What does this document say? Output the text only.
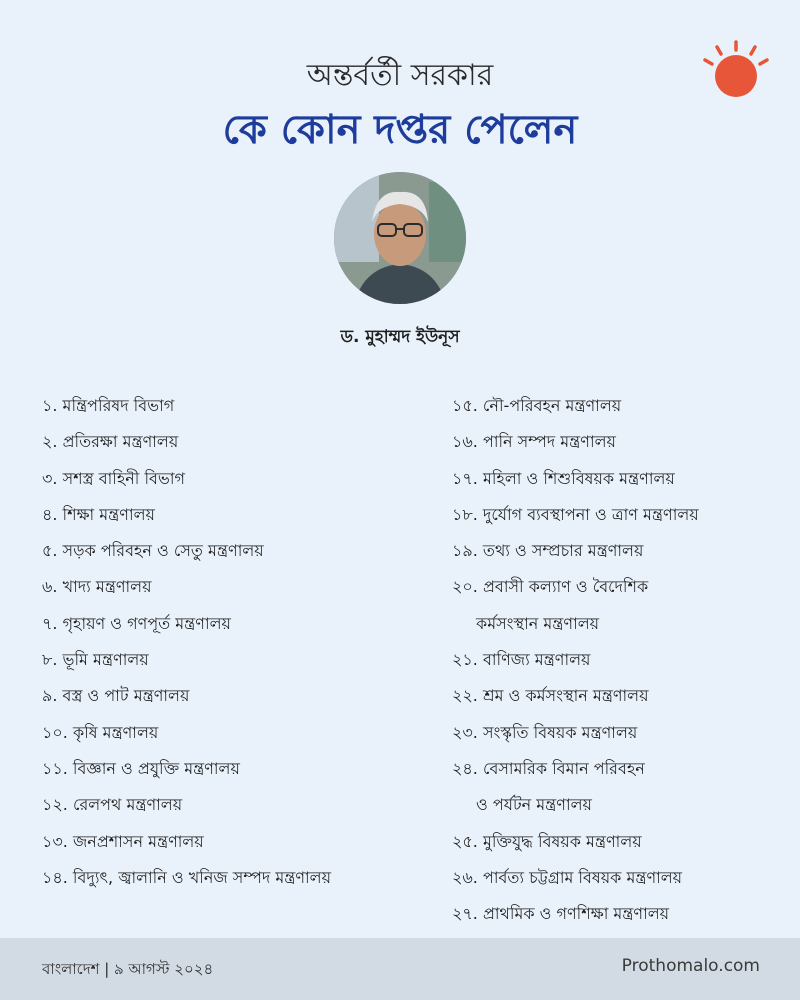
অন্তর্বর্তী সরকার
কে কোন দপ্তর পেলেন
ড. মুহাম্মদ ইউনূস
১. মন্ত্রিপরিষদ বিভাগ
২. প্রতিরক্ষা মন্ত্রণালয়
৩. সশস্ত্র বাহিনী বিভাগ
৪. শিক্ষা মন্ত্রণালয়
৫. সড়ক পরিবহন ও সেতু মন্ত্রণালয়
৬. খাদ্য মন্ত্রণালয়
৭. গৃহায়ণ ও গণপূর্ত মন্ত্রণালয়
৮. ভূমি মন্ত্রণালয়
৯. বস্ত্র ও পাট মন্ত্রণালয়
১০. কৃষি মন্ত্রণালয়
১১. বিজ্ঞান ও প্রযুক্তি মন্ত্রণালয়
১২. রেলপথ মন্ত্রণালয়
১৩. জনপ্রশাসন মন্ত্রণালয়
১৪. বিদ্যুৎ, জ্বালানি ও খনিজ সম্পদ মন্ত্রণালয়
১৫. নৌ-পরিবহন মন্ত্রণালয়
১৬. পানি সম্পদ মন্ত্রণালয়
১৭. মহিলা ও শিশুবিষয়ক মন্ত্রণালয়
১৮. দুর্যোগ ব্যবস্থাপনা ও ত্রাণ মন্ত্রণালয়
১৯. তথ্য ও সম্প্রচার মন্ত্রণালয়
২০. প্রবাসী কল্যাণ ও বৈদেশিক
কর্মসংস্থান মন্ত্রণালয়
২১. বাণিজ্য মন্ত্রণালয়
২২. শ্রম ও কর্মসংস্থান মন্ত্রণালয়
২৩. সংস্কৃতি বিষয়ক মন্ত্রণালয়
২৪. বেসামরিক বিমান পরিবহন
ও পর্যটন মন্ত্রণালয়
২৫. মুক্তিযুদ্ধ বিষয়ক মন্ত্রণালয়
২৬. পার্বত্য চট্টগ্রাম বিষয়ক মন্ত্রণালয়
২৭. প্রাথমিক ও গণশিক্ষা মন্ত্রণালয়
বাংলাদেশ | ৯ আগস্ট ২০২৪	Prothomalo.com
